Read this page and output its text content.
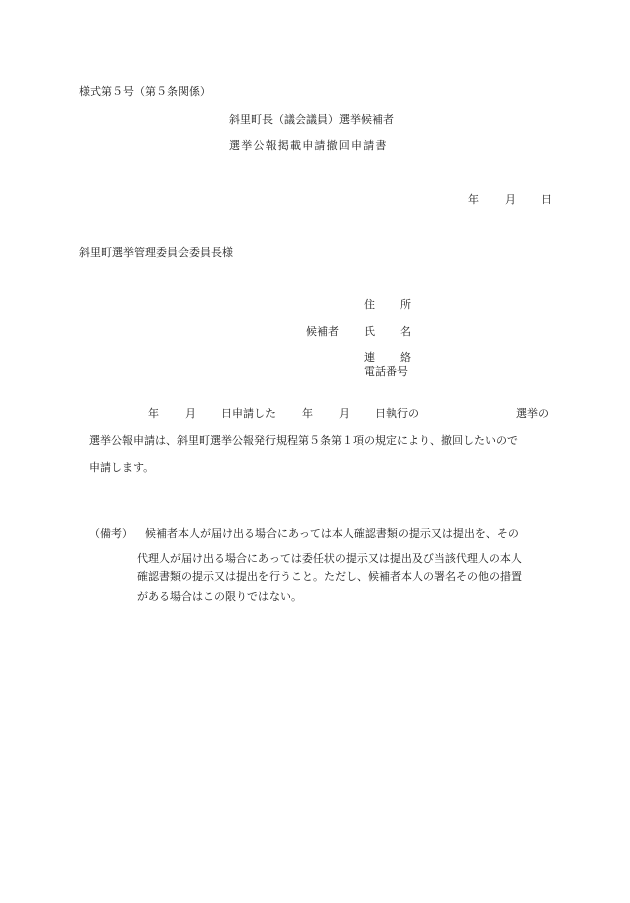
様式第５号（第５条関係）
斜里町長（議会議員）選挙候補者
選挙公報掲載申請撤回申請書
年 月 日
斜里町選挙管理委員会委員長様
住 所
候補者 氏 名
連 絡
電話番号
年 月 日申請した 年 月 日執行の	選挙の
選挙公報申請は、斜里町選挙公報発行規程第５条第１項の規定により、撤回したいので
申請します。
（備考） 候補者本人が届け出る場合にあっては本人確認書類の提示又は提出を、その
代理人が届け出る場合にあっては委任状の提示又は提出及び当該代理人の本人
確認書類の提示又は提出を行うこと。ただし、候補者本人の署名その他の措置
がある場合はこの限りではない。
